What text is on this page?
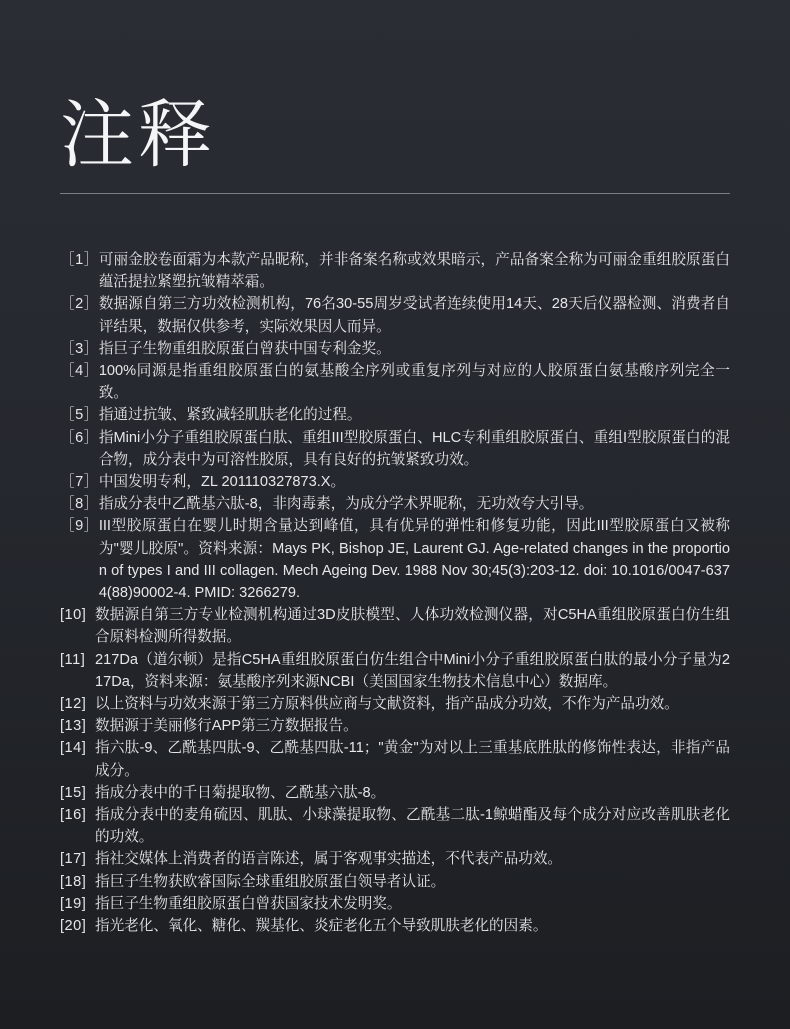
注释
［1］ 可丽金胶卷面霜为本款产品昵称，并非备案名称或效果暗示，产品备案全称为可丽金重组胶原蛋白蕴活提拉紧塑抗皱精萃霜。
［2］ 数据源自第三方功效检测机构，76名30-55周岁受试者连续使用14天、28天后仪器检测、消费者自评结果，数据仅供参考，实际效果因人而异。
［3］ 指巨子生物重组胶原蛋白曾获中国专利金奖。
［4］ 100%同源是指重组胶原蛋白的氨基酸全序列或重复序列与对应的人胶原蛋白氨基酸序列完全一致。
［5］ 指通过抗皱、紧致减轻肌肤老化的过程。
［6］ 指Mini小分子重组胶原蛋白肽、重组III型胶原蛋白、HLC专利重组胶原蛋白、重组I型胶原蛋白的混合物，成分表中为可溶性胶原，具有良好的抗皱紧致功效。
［7］ 中国发明专利，ZL 201110327873.X。
［8］ 指成分表中乙酰基六肽-8，非肉毒素，为成分学术界昵称，无功效夸大引导。
［9］ III型胶原蛋白在婴儿时期含量达到峰值，具有优异的弹性和修复功能，因此III型胶原蛋白又被称为"婴儿胶原"。资料来源：Mays PK, Bishop JE, Laurent GJ. Age-related changes in the proportion of types I and III collagen. Mech Ageing Dev. 1988 Nov 30;45(3):203-12. doi: 10.1016/0047-6374(88)90002-4. PMID: 3266279.
[10] 数据源自第三方专业检测机构通过3D皮肤模型、人体功效检测仪器，对C5HA重组胶原蛋白仿生组合原料检测所得数据。
[11] 217Da（道尔顿）是指C5HA重组胶原蛋白仿生组合中Mini小分子重组胶原蛋白肽的最小分子量为217Da，资料来源：氨基酸序列来源NCBI（美国国家生物技术信息中心）数据库。
[12] 以上资料与功效来源于第三方原料供应商与文献资料，指产品成分功效，不作为产品功效。
[13] 数据源于美丽修行APP第三方数据报告。
[14] 指六肽-9、乙酰基四肽-9、乙酰基四肽-11；"黄金"为对以上三重基底胜肽的修饰性表达，非指产品成分。
[15] 指成分表中的千日菊提取物、乙酰基六肽-8。
[16] 指成分表中的麦角硫因、肌肽、小球藻提取物、乙酰基二肽-1鲸蜡酯及每个成分对应改善肌肤老化的功效。
[17] 指社交媒体上消费者的语言陈述，属于客观事实描述，不代表产品功效。
[18] 指巨子生物获欧睿国际全球重组胶原蛋白领导者认证。
[19] 指巨子生物重组胶原蛋白曾获国家技术发明奖。
[20] 指光老化、氧化、糖化、羰基化、炎症老化五个导致肌肤老化的因素。
